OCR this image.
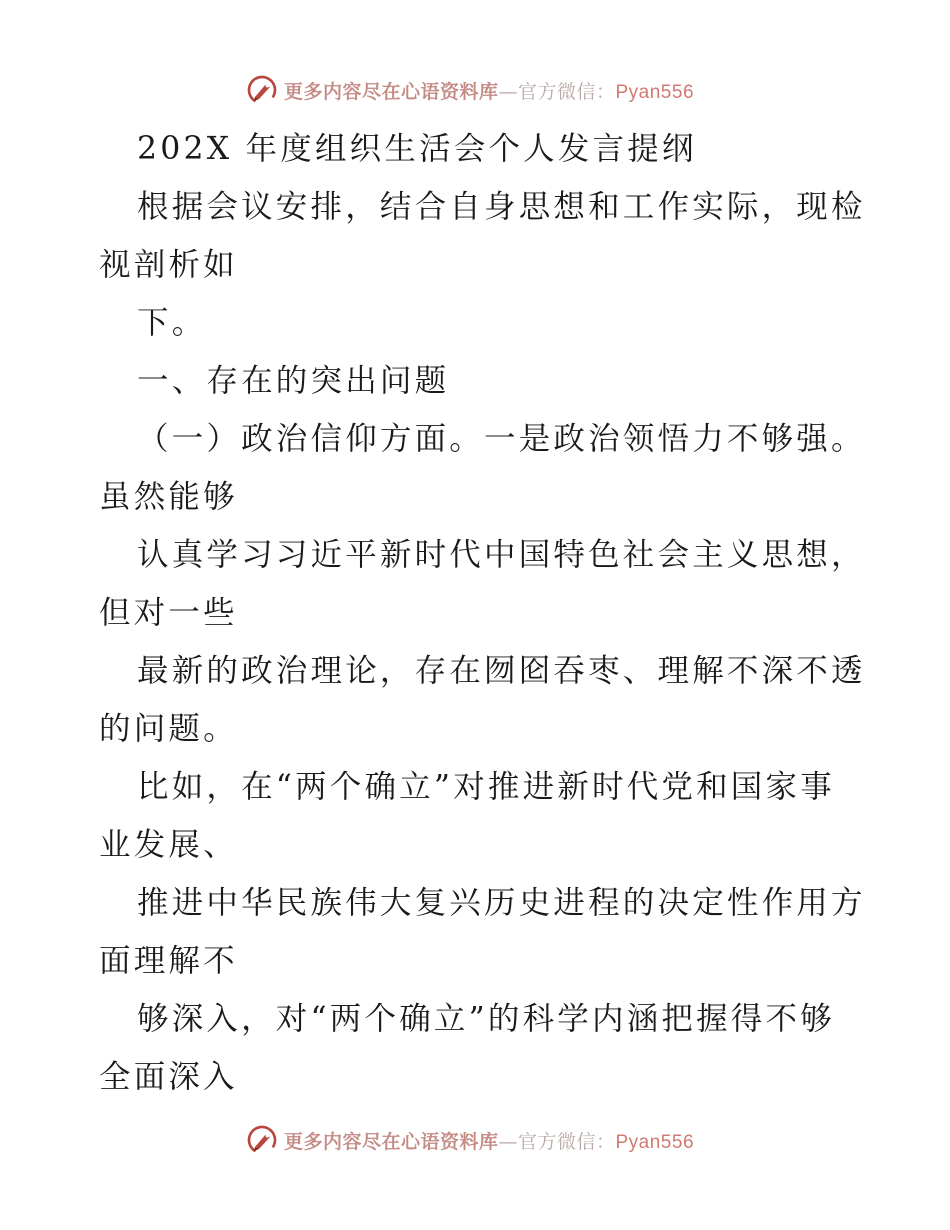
更多内容尽在心语资料库—官方微信：Pyan556
202X 年度组织生活会个人发言提纲
根据会议安排，结合自身思想和工作实际，现检
视剖析如
下。
一、存在的突出问题
（一）政治信仰方面。一是政治领悟力不够强。
虽然能够
认真学习习近平新时代中国特色社会主义思想，
但对一些
最新的政治理论，存在囫囵吞枣、理解不深不透
的问题。
比如，在“两个确立”对推进新时代党和国家事
业发展、
推进中华民族伟大复兴历史进程的决定性作用方
面理解不
够深入，对“两个确立”的科学内涵把握得不够
全面深入
更多内容尽在心语资料库—官方微信：Pyan556
